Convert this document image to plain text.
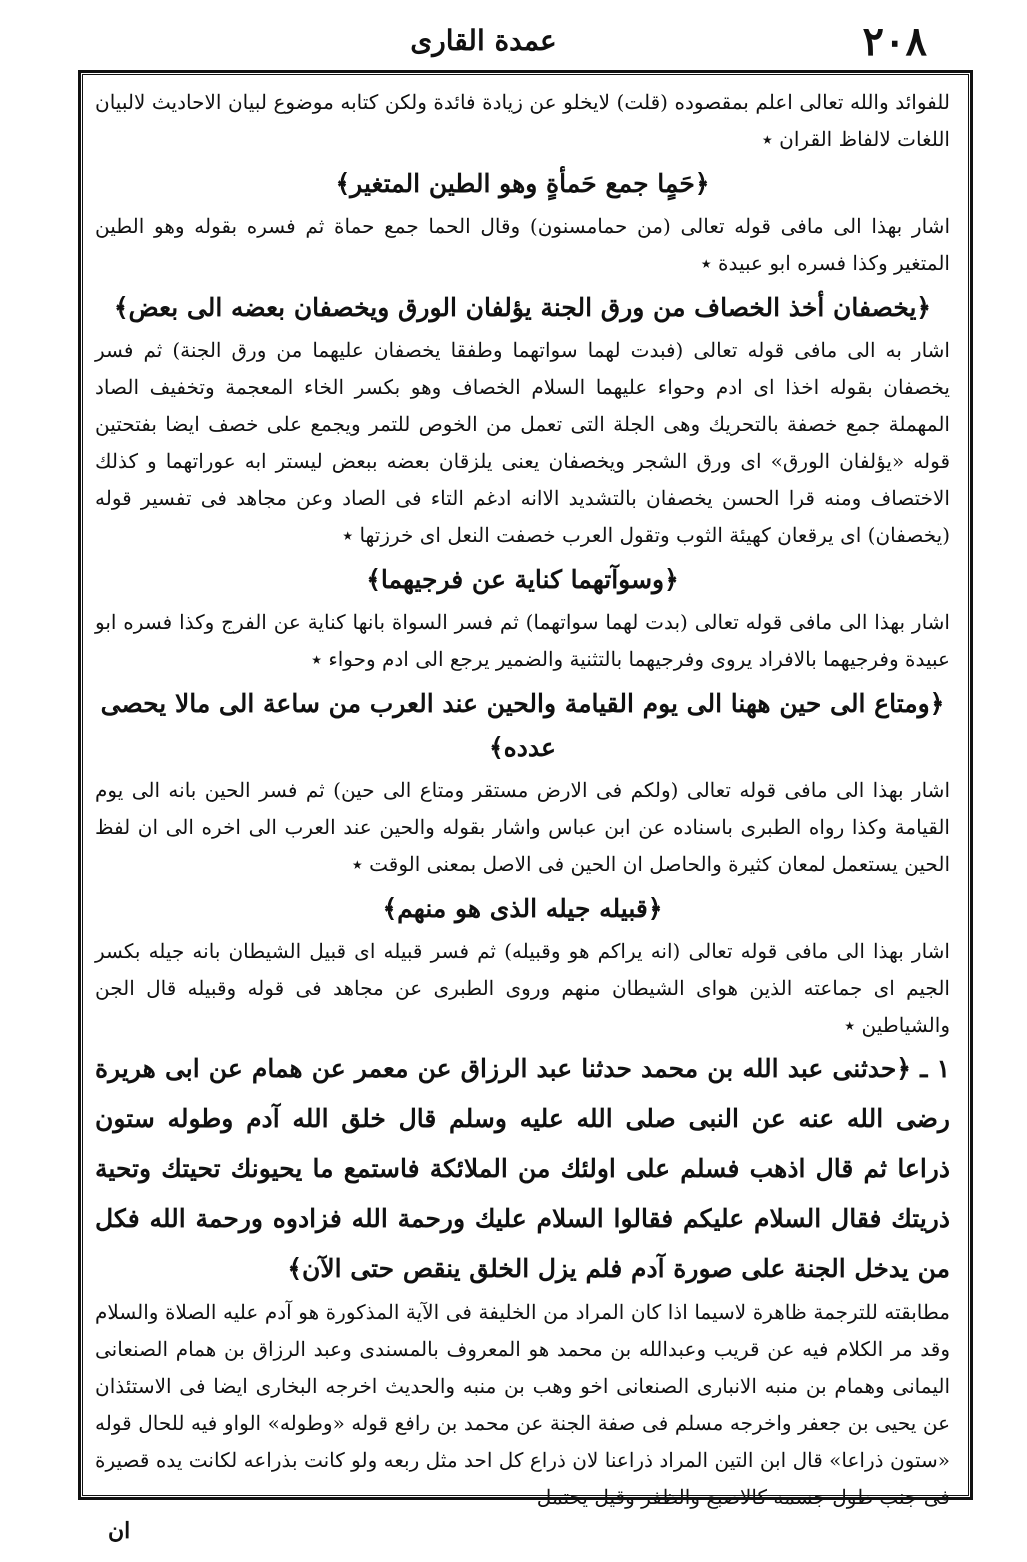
عمدة القارى	٢٠٨

للفوائد والله تعالى اعلم بمقصوده (قلت) لايخلو عن زيادة فائدة ولكن كتابه موضوع لبيان الاحاديث لالبيان اللغات لالفاظ القران ٭

﴿حَمٍا جمع حَمأةٍ وهو الطين المتغير﴾

اشار بهذا الى مافى قوله تعالى (من حمامسنون) وقال الحما جمع حماة ثم فسره بقوله وهو الطين المتغير وكذا فسره ابو عبيدة ٭

﴿يخصفان أخذ الخصاف من ورق الجنة يؤلفان الورق ويخصفان بعضه الى بعض﴾

اشار به الى مافى قوله تعالى (فبدت لهما سواتهما وطفقا يخصفان عليهما من ورق الجنة) ثم فسر يخصفان بقوله اخذا اى ادم وحواء عليهما السلام الخصاف وهو بكسر الخاء المعجمة وتخفيف الصاد المهملة جمع خصفة بالتحريك وهى الجلة التى تعمل من الخوص للتمر ويجمع على خصف ايضا بفتحتين قوله «يؤلفان الورق» اى ورق الشجر ويخصفان يعنى يلزقان بعضه ببعض ليستر ابه عوراتهما و كذلك الاختصاف ومنه قرا الحسن يخصفان بالتشديد الاانه ادغم التاء فى الصاد وعن مجاهد فى تفسير قوله (يخصفان) اى يرقعان كهيئة الثوب وتقول العرب خصفت النعل اى خرزتها ٭

﴿وسوآتهما كناية عن فرجيهما﴾

اشار بهذا الى مافى قوله تعالى (بدت لهما سواتهما) ثم فسر السواة بانها كناية عن الفرج وكذا فسره ابو عبيدة وفرجيهما بالافراد يروى وفرجيهما بالتثنية والضمير يرجع الى ادم وحواء ٭

﴿ومتاع الى حين ههنا الى يوم القيامة والحين عند العرب من ساعة الى مالا يحصى عدده﴾

اشار بهذا الى مافى قوله تعالى (ولكم فى الارض مستقر ومتاع الى حين) ثم فسر الحين بانه الى يوم القيامة وكذا رواه الطبرى باسناده عن ابن عباس واشار بقوله والحين عند العرب الى اخره الى ان لفظ الحين يستعمل لمعان كثيرة والحاصل ان الحين فى الاصل بمعنى الوقت ٭

﴿قبيله جيله الذى هو منهم﴾

اشار بهذا الى مافى قوله تعالى (انه يراكم هو وقبيله) ثم فسر قبيله اى قبيل الشيطان بانه جيله بكسر الجيم اى جماعته الذين هواى الشيطان منهم وروى الطبرى عن مجاهد فى قوله وقبيله قال الجن والشياطين ٭

١ ـ ﴿حدثنى عبد الله بن محمد حدثنا عبد الرزاق عن معمر عن همام عن ابى هريرة رضى الله عنه عن النبى صلى الله عليه وسلم قال خلق الله آدم وطوله ستون ذراعا ثم قال اذهب فسلم على اولئك من الملائكة فاستمع ما يحيونك تحيتك وتحية ذريتك فقال السلام عليكم فقالوا السلام عليك ورحمة الله فزادوه ورحمة الله فكل من يدخل الجنة على صورة آدم فلم يزل الخلق ينقص حتى الآن﴾

مطابقته للترجمة ظاهرة لاسيما اذا كان المراد من الخليفة فى الآية المذكورة هو آدم عليه الصلاة والسلام وقد مر الكلام فيه عن قريب وعبدالله بن محمد هو المعروف بالمسندى وعبد الرزاق بن همام الصنعانى اليمانى وهمام بن منبه الانبارى الصنعانى اخو وهب بن منبه والحديث اخرجه البخارى ايضا فى الاستئذان عن يحيى بن جعفر واخرجه مسلم فى صفة الجنة عن محمد بن رافع قوله «وطوله» الواو فيه للحال قوله «ستون ذراعا» قال ابن التين المراد ذراعنا لان ذراع كل احد مثل ربعه ولو كانت بذراعه لكانت يده قصيرة فى جنب طول جسمه كالاصبع والظفر وقيل يحتمل

ان
